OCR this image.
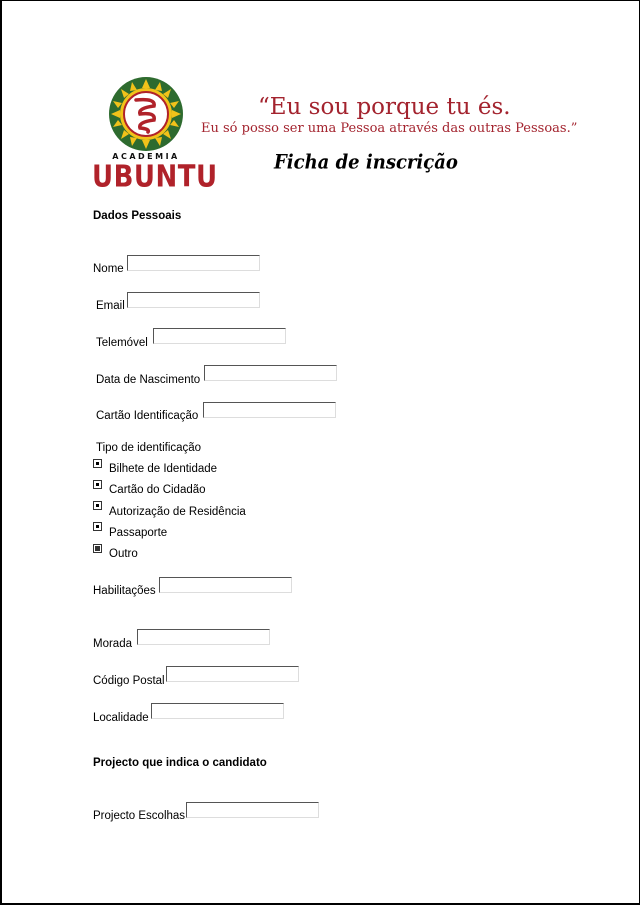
ACADEMIA
UBUNTU
“Eu sou porque tu és.
Eu só posso ser uma Pessoa através das outras Pessoas.”
Ficha de inscrição
Dados Pessoais
Nome
Email
Telemóvel
Data de Nascimento
Cartão Identificação
Tipo de identificação
Bilhete de Identidade
Cartão do Cidadão
Autorização de Residência
Passaporte
Outro
Habilitações
Morada
Código Postal
Localidade
Projecto que indica o candidato
Projecto Escolhas
